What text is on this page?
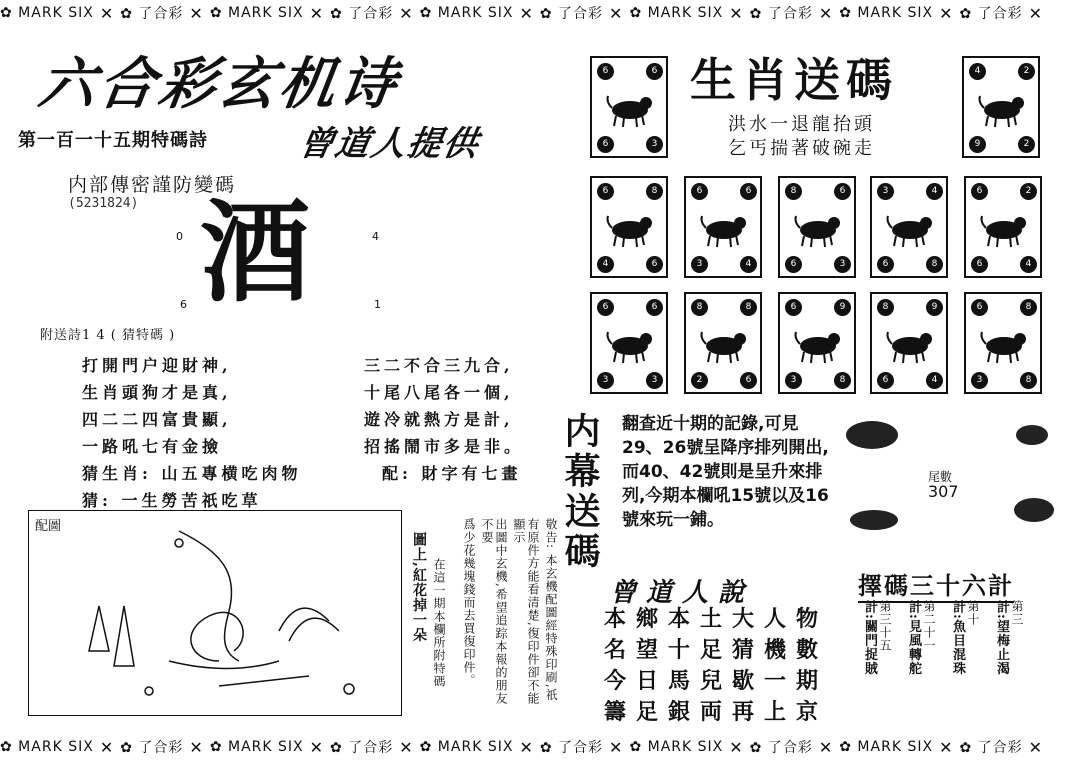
✿ MARK SIX ✕ ✿ 了合彩 ✕ ✿ MARK SIX ✕ ✿ 了合彩 ✕ ✿ MARK SIX ✕ ✿ 了合彩 ✕ ✿ MARK SIX ✕ ✿ 了合彩 ✕ ✿ MARK SIX ✕ ✿ 了合彩 ✕
✿ MARK SIX ✕ ✿ 了合彩 ✕ ✿ MARK SIX ✕ ✿ 了合彩 ✕ ✿ MARK SIX ✕ ✿ 了合彩 ✕ ✿ MARK SIX ✕ ✿ 了合彩 ✕ ✿ MARK SIX ✕ ✿ 了合彩 ✕
六合彩玄机诗
第一百一十五期特碼詩	曾道人提供
内部傳密謹防變碼
(5231824) 酒
0	4
6	1
附送詩1 4 ( 猜特碼 )
打開門户迎財神,
生肖頭狗才是真,
四二二四富貴顯,
一路吼七有金撿
三二不合三九合,
十尾八尾各一個,
遊冷就熱方是計,
招搖鬧市多是非。
猜生肖: 山五專横吃肉物
猜: 一生勞苦祇吃草
配: 財字有七畫
配圖
圖上,紅花掉一朵 在這一期本欄所附特碼	敬告: 本玄機配圖經特殊印刷,祇
有原件方能看清楚,復印件卻不能顯示
出圖中玄機,希望追踪本報的朋友不要
爲少花幾塊錢而去買復印件。
生肖送碼
洪水一退龍抬頭
乞丐揣著破碗走
6	6
6	3
4	2
9	2
6	8
4	6
6	6
3	4
8	6
6	3
3	4
6	8
6	2
6	4
6	6
3	3
8	8
2	6
6	9
3	8
8	9
6	4
6	8
3	8
内幕送碼 翻查近十期的記錄,可見29、26號呈降序排列開出,而40、42號則是呈升來排列,今期本欄吼15號以及16號來玩一鋪。
尾數
307
曾道人說
本鄉本土大人物
名望十足猜機數
今日馬兒歇一期
籌足銀両再上京
擇碼三十六計
計:望梅止渴 第三
計:魚目混珠 第十
計:見風轉舵 第二十一
計:關門捉賊 第三十五
